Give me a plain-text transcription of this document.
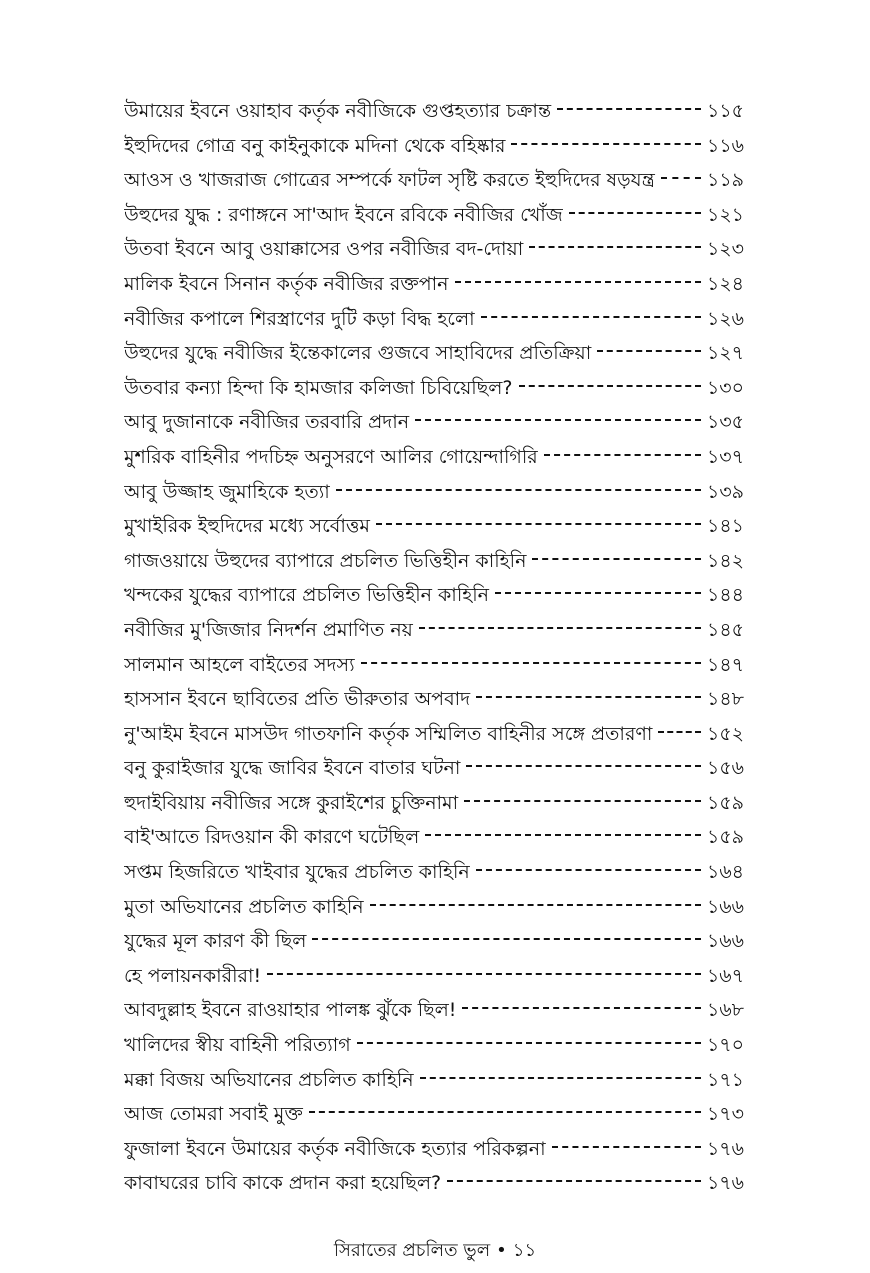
উমায়ের ইবনে ওয়াহাব কর্তৃক নবীজিকে গুপ্তহত্যার চক্রান্ত	১১৫
ইহুদিদের গোত্র বনু কাইনুকাকে মদিনা থেকে বহিষ্কার	১১৬
আওস ও খাজরাজ গোত্রের সম্পর্কে ফাটল সৃষ্টি করতে ইহুদিদের ষড়যন্ত্র	১১৯
উহুদের যুদ্ধ : রণাঙ্গনে সা'আদ ইবনে রবিকে নবীজির খোঁজ	১২১
উতবা ইবনে আবু ওয়াক্কাসের ওপর নবীজির বদ-দোয়া	১২৩
মালিক ইবনে সিনান কর্তৃক নবীজির রক্তপান	১২৪
নবীজির কপালে শিরস্ত্রাণের দুটি কড়া বিদ্ধ হলো	১২৬
উহুদের যুদ্ধে নবীজির ইন্তেকালের গুজবে সাহাবিদের প্রতিক্রিয়া	১২৭
উতবার কন্যা হিন্দা কি হামজার কলিজা চিবিয়েছিল?	১৩০
আবু দুজানাকে নবীজির তরবারি প্রদান	১৩৫
মুশরিক বাহিনীর পদচিহ্ন অনুসরণে আলির গোয়েন্দাগিরি	১৩৭
আবু উজ্জাহ জুমাহিকে হত্যা	১৩৯
মুখাইরিক ইহুদিদের মধ্যে সর্বোত্তম	১৪১
গাজওয়ায়ে উহুদের ব্যাপারে প্রচলিত ভিত্তিহীন কাহিনি	১৪২
খন্দকের যুদ্ধের ব্যাপারে প্রচলিত ভিত্তিহীন কাহিনি	১৪৪
নবীজির মু'জিজার নিদর্শন প্রমাণিত নয়	১৪৫
সালমান আহলে বাইতের সদস্য	১৪৭
হাসসান ইবনে ছাবিতের প্রতি ভীরুতার অপবাদ	১৪৮
নু'আইম ইবনে মাসউদ গাতফানি কর্তৃক সম্মিলিত বাহিনীর সঙ্গে প্রতারণা	১৫২
বনু কুরাইজার যুদ্ধে জাবির ইবনে বাতার ঘটনা	১৫৬
হুদাইবিয়ায় নবীজির সঙ্গে কুরাইশের চুক্তিনামা	১৫৯
বাই'আতে রিদওয়ান কী কারণে ঘটেছিল	১৫৯
সপ্তম হিজরিতে খাইবার যুদ্ধের প্রচলিত কাহিনি	১৬৪
মুতা অভিযানের প্রচলিত কাহিনি	১৬৬
যুদ্ধের মূল কারণ কী ছিল	১৬৬
হে পলায়নকারীরা!	১৬৭
আবদুল্লাহ ইবনে রাওয়াহার পালঙ্ক ঝুঁকে ছিল!	১৬৮
খালিদের স্বীয় বাহিনী পরিত্যাগ	১৭০
মক্কা বিজয় অভিযানের প্রচলিত কাহিনি	১৭১
আজ তোমরা সবাই মুক্ত	১৭৩
ফুজালা ইবনে উমায়ের কর্তৃক নবীজিকে হত্যার পরিকল্পনা	১৭৬
কাবাঘরের চাবি কাকে প্রদান করা হয়েছিল?	১৭৬
সিরাতের প্রচলিত ভুল • ১১
